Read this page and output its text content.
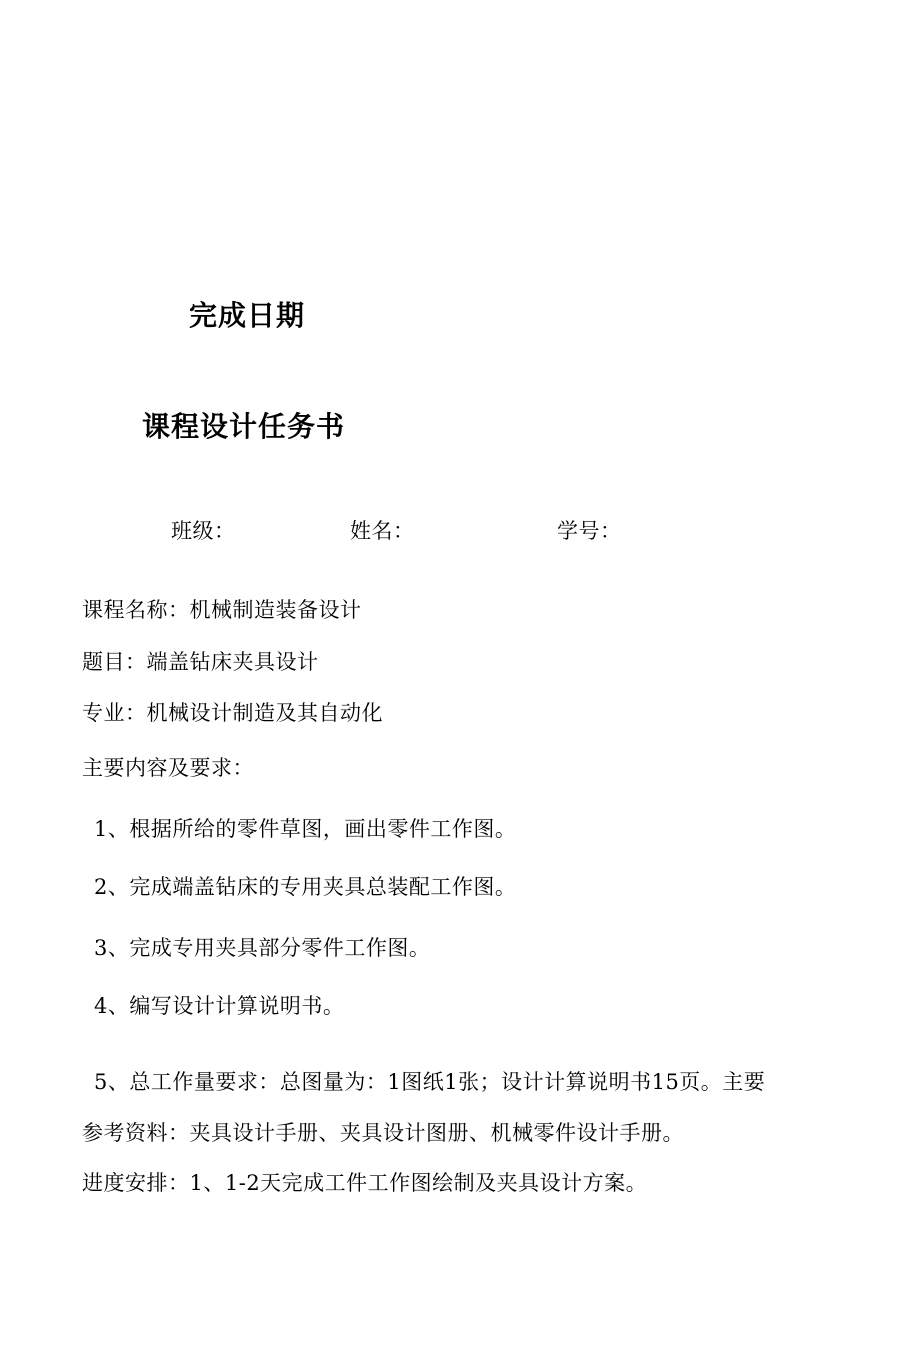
完成日期
课程设计任务书
班级：	姓名：	学号：
课程名称：机械制造装备设计
题目：端盖钻床夹具设计
专业：机械设计制造及其自动化
主要内容及要求：
1、根据所给的零件草图，画出零件工作图。
2、完成端盖钻床的专用夹具总装配工作图。
3、完成专用夹具部分零件工作图。
4、编写设计计算说明书。
5、总工作量要求：总图量为：1图纸1张；设计计算说明书15页。主要
参考资料：夹具设计手册、夹具设计图册、机械零件设计手册。
进度安排：1、1-2天完成工件工作图绘制及夹具设计方案。
